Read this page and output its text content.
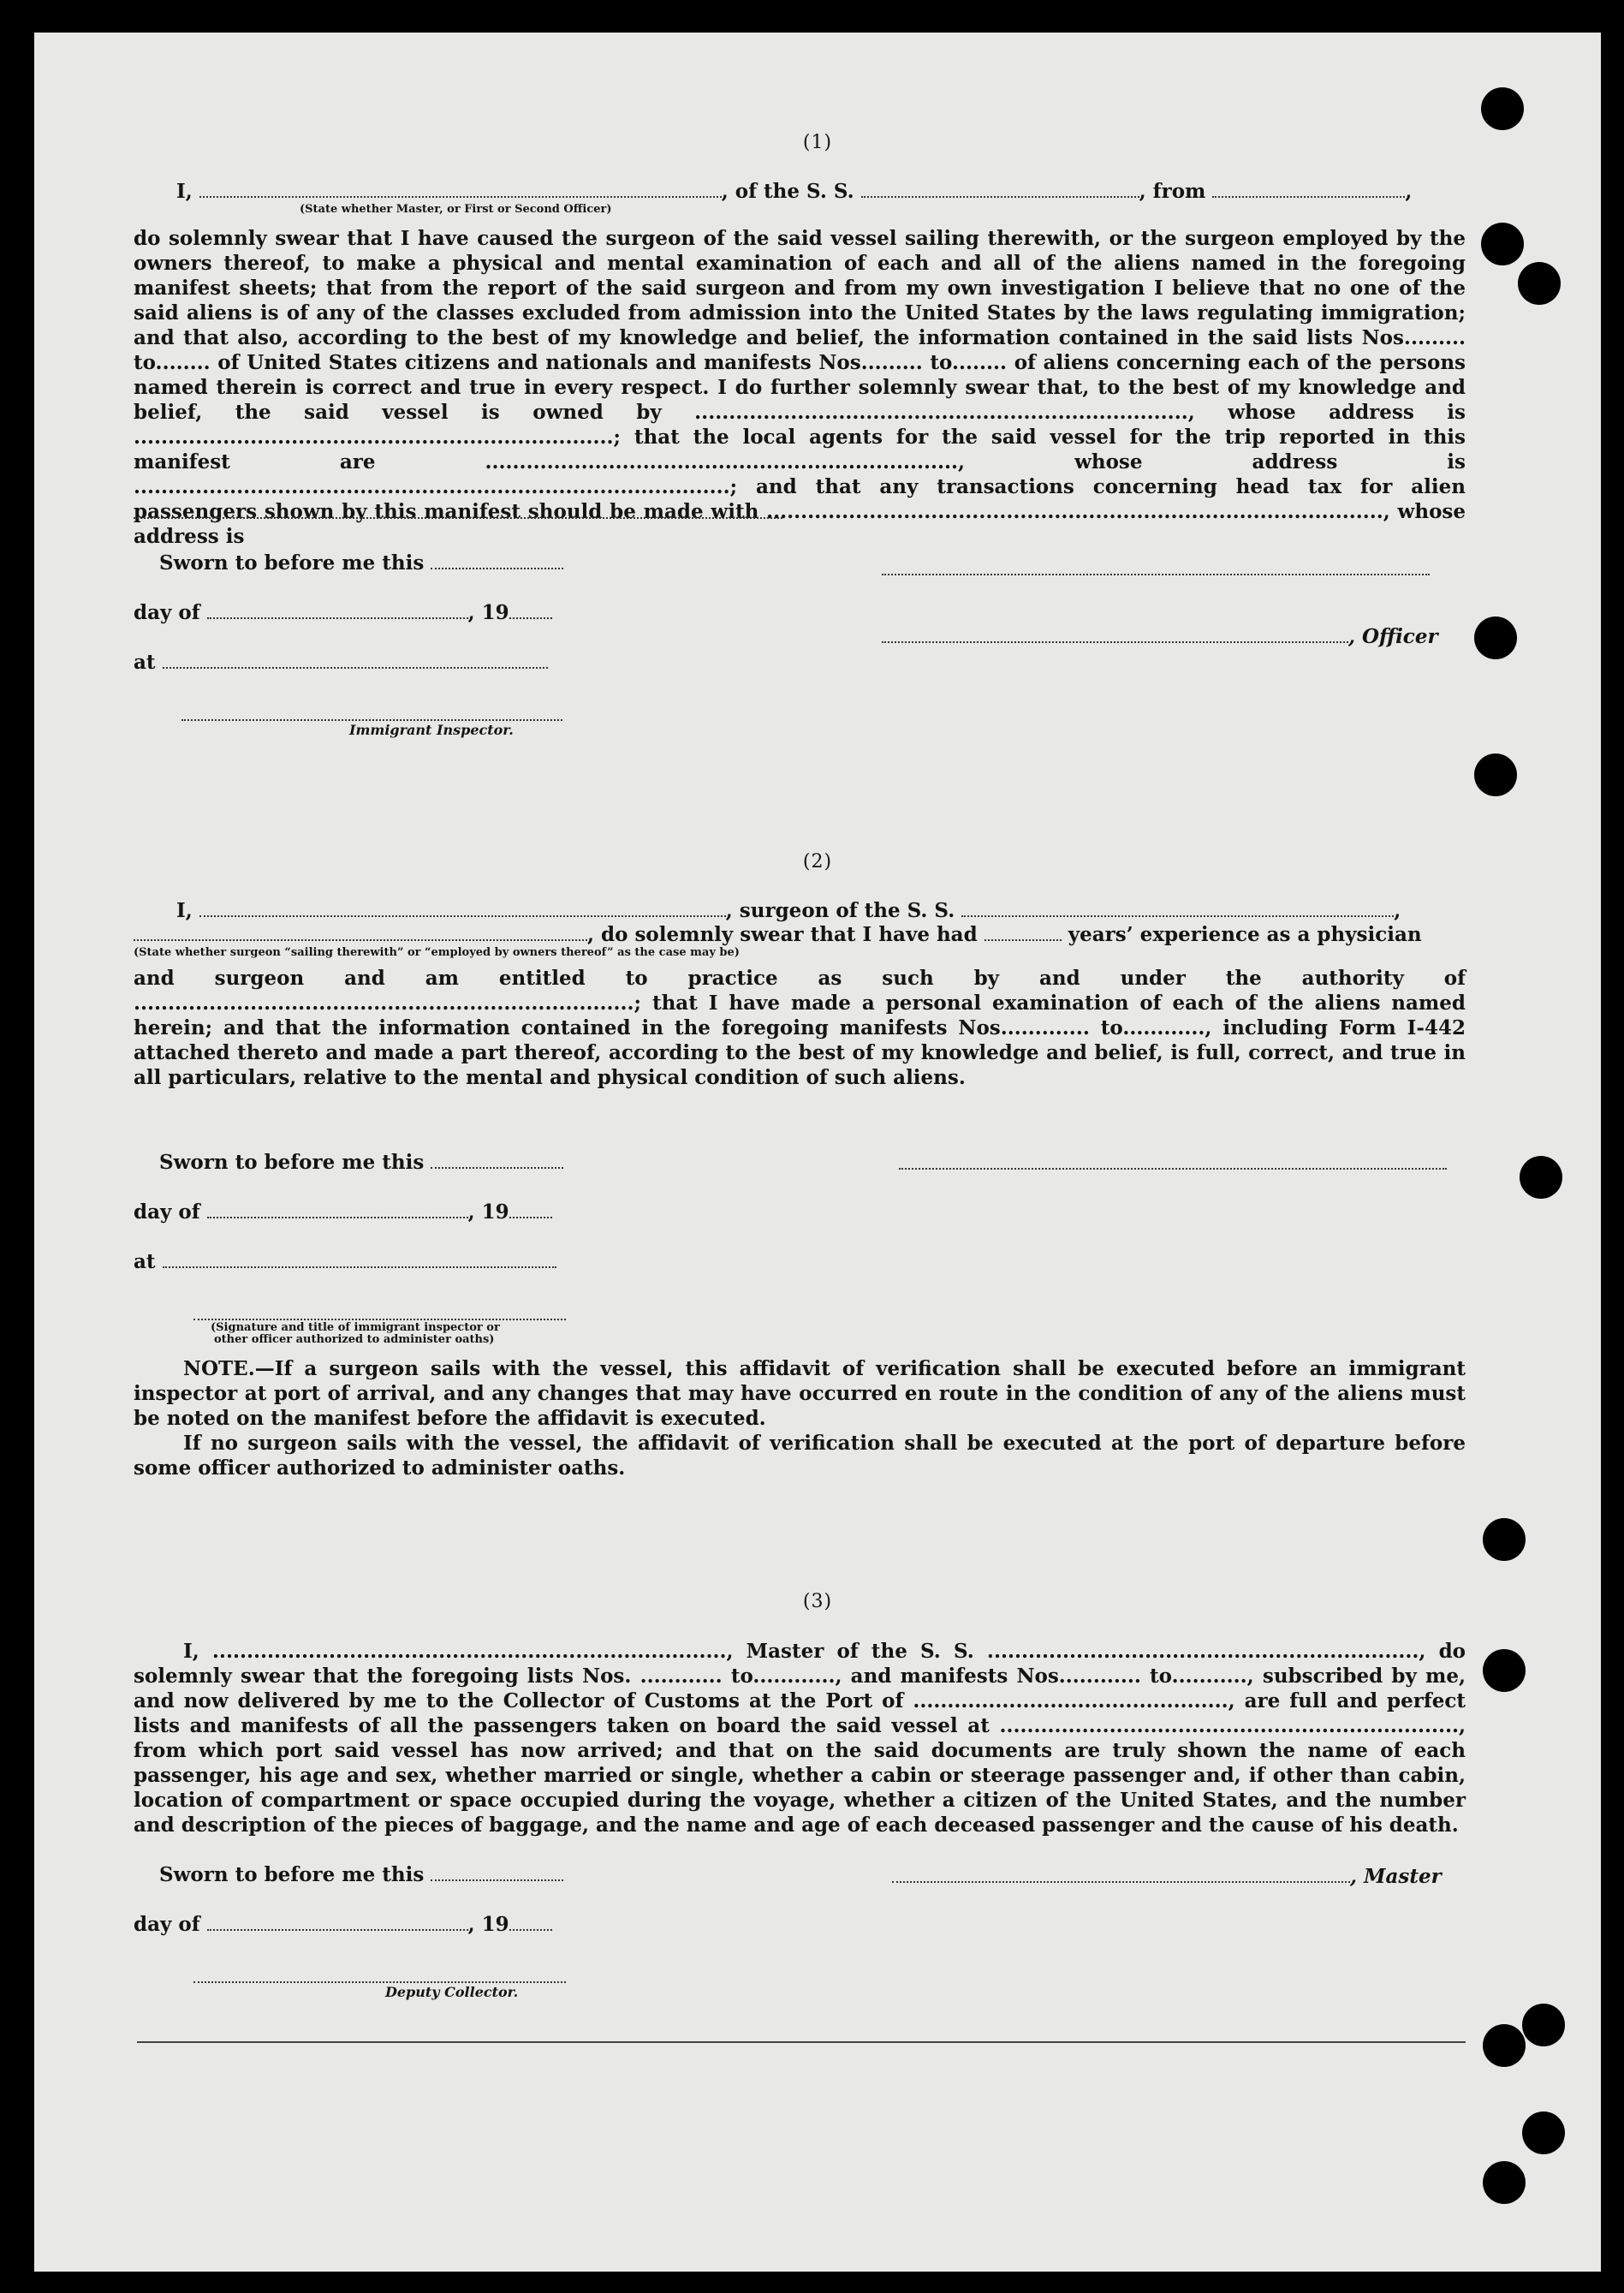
(1)
I,	, of the S. S.	, from	,
(State whether Master, or First or Second Officer)

do solemnly swear that I have caused the surgeon of the said vessel sailing therewith, or the surgeon employed by the owners thereof, to make a physical and mental examination of each and all of the aliens named in the foregoing manifest sheets; that from the report of the said surgeon and from my own investigation I believe that no one of the said aliens is of any of the classes excluded from admission into the United States by the laws regulating immigration; and that also, according to the best of my knowledge and belief, the information contained in the said lists Nos......... to........ of United States citizens and nationals and manifests Nos......... to........ of aliens concerning each of the persons named therein is correct and true in every respect. I do further solemnly swear that, to the best of my knowledge and belief, the said vessel is owned by ........................................................................, whose address is ......................................................................; that the local agents for the said vessel for the trip reported in this manifest are ....................................................................., whose address is .......................................................................................; and that any transactions concerning head tax for alien passengers shown by this manifest should be made with .........................................................................................., whose address is

Sworn to before me this
day of	, 19
, Officer
at
Immigrant Inspector.
(2)
I,	, surgeon of the S. S.	,
, do solemnly swear that I have had	years’ experience as a physician
(State whether surgeon “sailing therewith” or “employed by owners thereof” as the case may be)

and surgeon and am entitled to practice as such by and under the authority of .........................................................................; that I have made a personal examination of each of the aliens named herein; and that the information contained in the foregoing manifests Nos............. to............, including Form I-442 attached thereto and made a part thereof, according to the best of my knowledge and belief, is full, correct, and true in all particulars, relative to the mental and physical condition of such aliens.

Sworn to before me this
day of	, 19
at
(Signature and title of immigrant inspector or
other officer authorized to administer oaths)

NOTE.—If a surgeon sails with the vessel, this affidavit of verification shall be executed before an immigrant inspector at port of arrival, and any changes that may have occurred en route in the condition of any of the aliens must be noted on the manifest before the affidavit is executed.

If no surgeon sails with the vessel, the affidavit of verification shall be executed at the port of departure before some officer authorized to administer oaths.

(3)

I, ..........................................................................., Master of the S. S. ..............................................................., do solemnly swear that the foregoing lists Nos. ............ to............, and manifests Nos............ to..........., subscribed by me, and now delivered by me to the Collector of Customs at the Port of .............................................., are full and perfect lists and manifests of all the passengers taken on board the said vessel at ..................................................................., from which port said vessel has now arrived; and that on the said documents are truly shown the name of each passenger, his age and sex, whether married or single, whether a cabin or steerage passenger and, if other than cabin, location of compartment or space occupied during the voyage, whether a citizen of the United States, and the number and description of the pieces of baggage, and the name and age of each deceased passenger and the cause of his death.

Sworn to before me this	, Master
day of	, 19
Deputy Collector.
